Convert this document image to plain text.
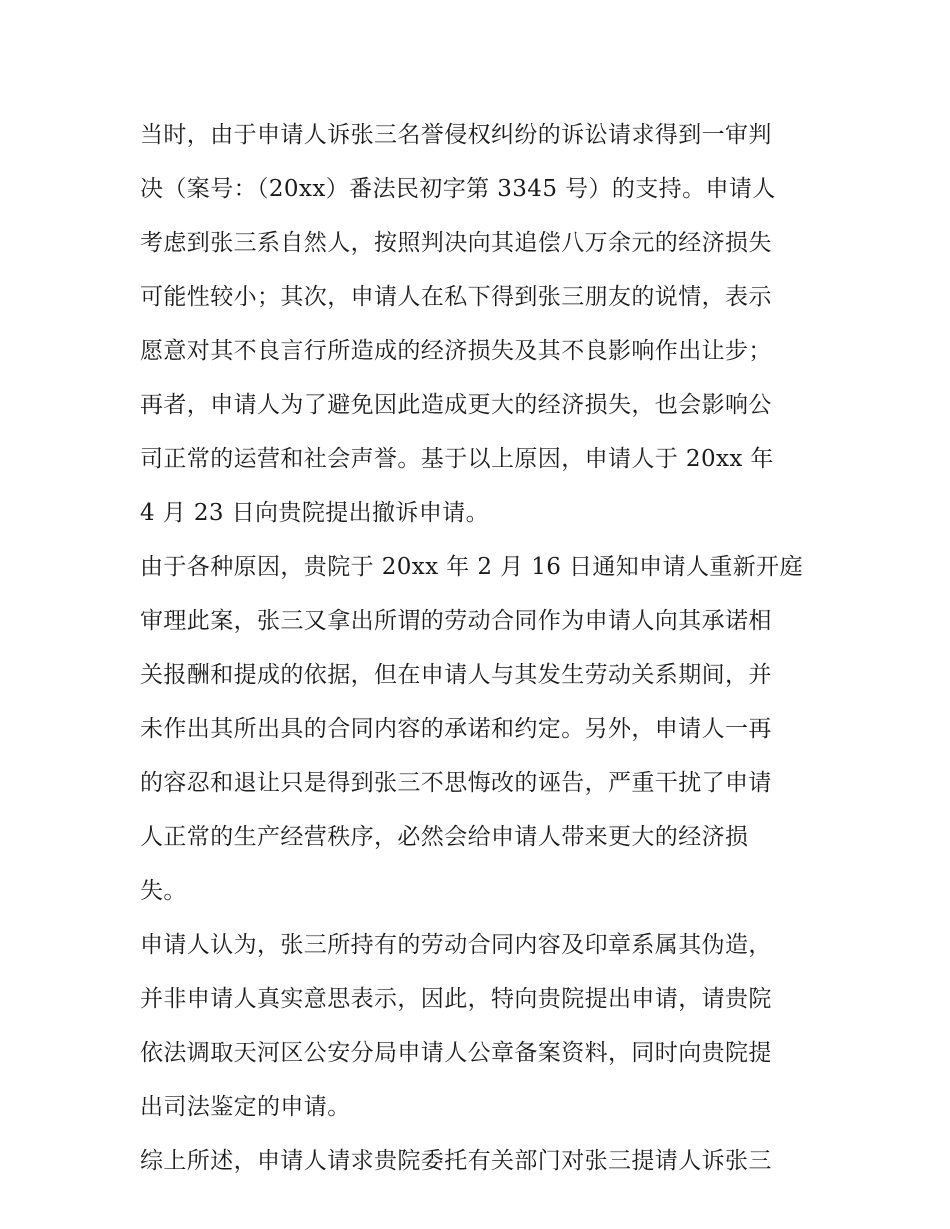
当时，由于申请人诉张三名誉侵权纠纷的诉讼请求得到一审判
决（案号：（20xx）番法民初字第 3345 号）的支持。申请人
考虑到张三系自然人，按照判决向其追偿八万余元的经济损失
可能性较小；其次，申请人在私下得到张三朋友的说情，表示
愿意对其不良言行所造成的经济损失及其不良影响作出让步；
再者，申请人为了避免因此造成更大的经济损失，也会影响公
司正常的运营和社会声誉。基于以上原因，申请人于 20xx 年
4 月 23 日向贵院提出撤诉申请。
由于各种原因，贵院于 20xx 年 2 月 16 日通知申请人重新开庭
审理此案，张三又拿出所谓的劳动合同作为申请人向其承诺相
关报酬和提成的依据，但在申请人与其发生劳动关系期间，并
未作出其所出具的合同内容的承诺和约定。另外，申请人一再
的容忍和退让只是得到张三不思悔改的诬告，严重干扰了申请
人正常的生产经营秩序，必然会给申请人带来更大的经济损
失。
申请人认为，张三所持有的劳动合同内容及印章系属其伪造，
并非申请人真实意思表示，因此，特向贵院提出申请，请贵院
依法调取天河区公安分局申请人公章备案资料，同时向贵院提
出司法鉴定的申请。
综上所述，申请人请求贵院委托有关部门对张三提请人诉张三
